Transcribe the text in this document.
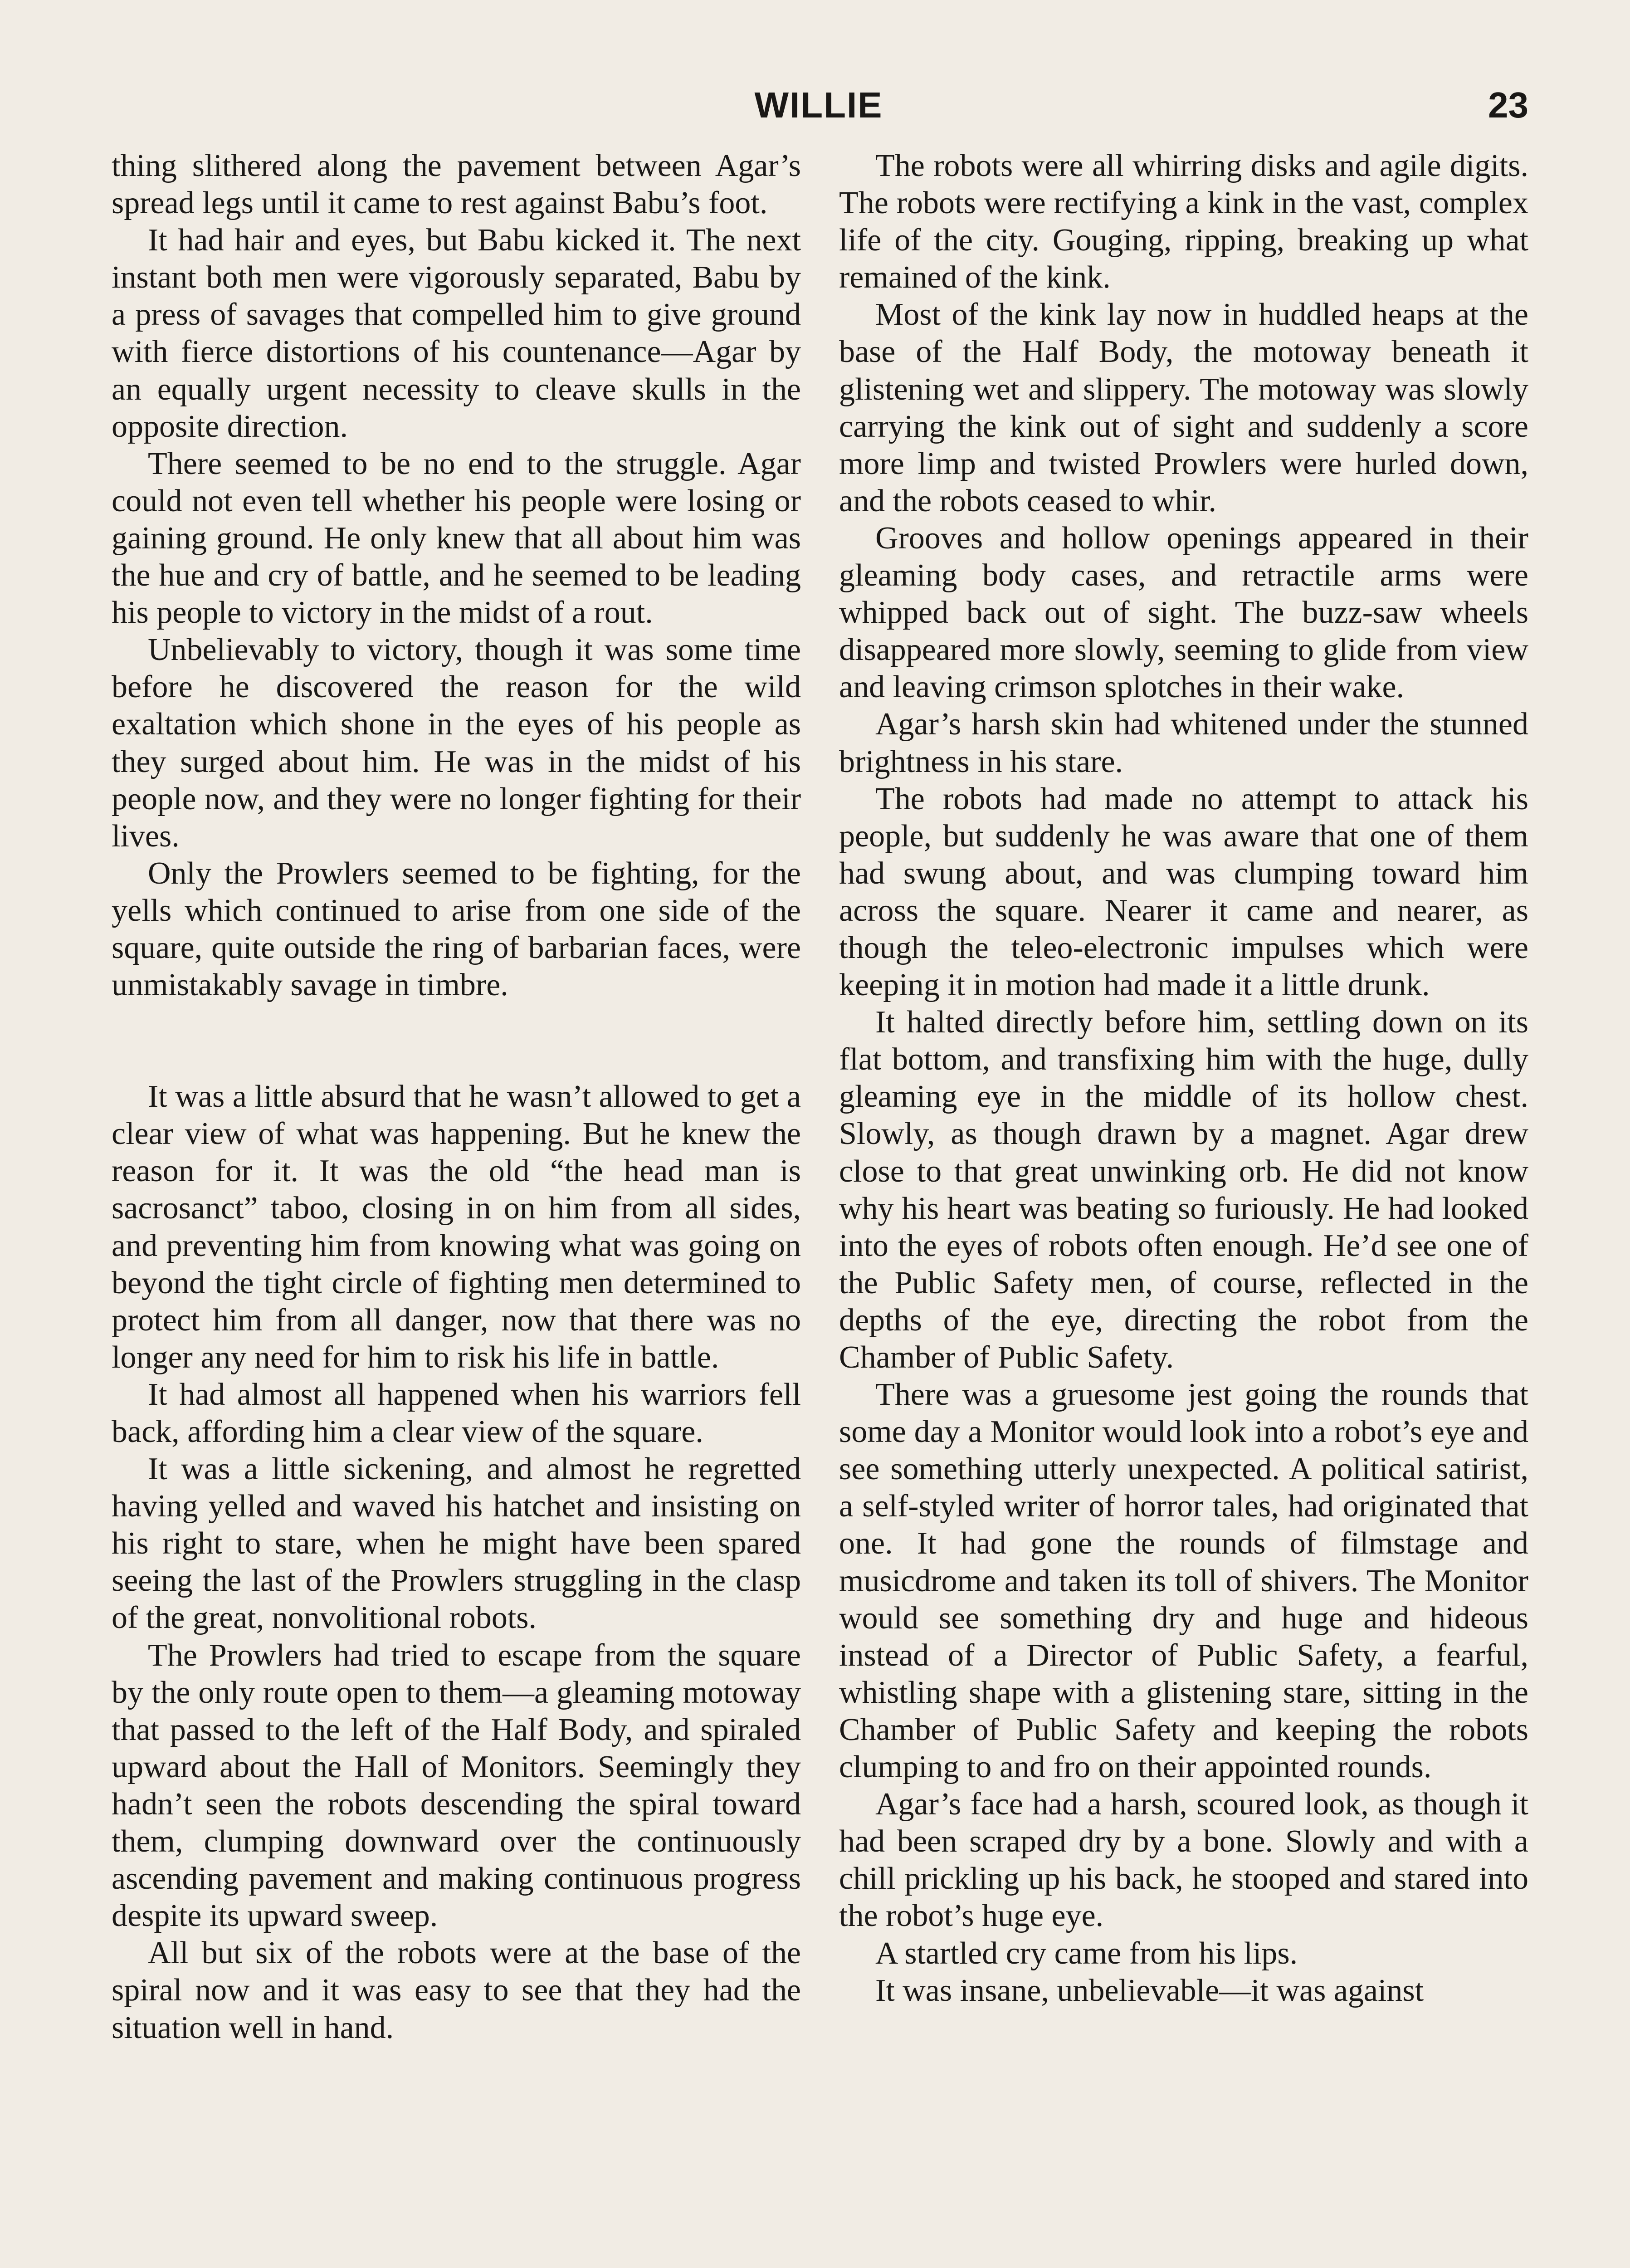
WILLIE	23

thing slithered along the pavement between Agar’s spread legs until it came to rest against Babu’s foot.

It had hair and eyes, but Babu kicked it. The next instant both men were vigorously separated, Babu by a press of savages that compelled him to give ground with fierce distortions of his countenance—Agar by an equally urgent necessity to cleave skulls in the opposite direction.

There seemed to be no end to the struggle. Agar could not even tell whether his people were losing or gaining ground. He only knew that all about him was the hue and cry of battle, and he seemed to be leading his people to victory in the midst of a rout.

Unbelievably to victory, though it was some time before he discovered the reason for the wild exaltation which shone in the eyes of his people as they surged about him. He was in the midst of his people now, and they were no longer fighting for their lives.

Only the Prowlers seemed to be fighting, for the yells which continued to arise from one side of the square, quite outside the ring of barbarian faces, were unmistakably savage in timbre.

It was a little absurd that he wasn’t allowed to get a clear view of what was happening. But he knew the reason for it. It was the old “the head man is sacrosanct” taboo, closing in on him from all sides, and preventing him from knowing what was going on beyond the tight circle of fighting men determined to protect him from all danger, now that there was no longer any need for him to risk his life in battle.

It had almost all happened when his warriors fell back, affording him a clear view of the square.

It was a little sickening, and almost he regretted having yelled and waved his hatchet and insisting on his right to stare, when he might have been spared seeing the last of the Prowlers struggling in the clasp of the great, nonvolitional robots.

The Prowlers had tried to escape from the square by the only route open to them—a gleaming motoway that passed to the left of the Half Body, and spiraled upward about the Hall of Monitors. Seemingly they hadn’t seen the robots descending the spiral toward them, clumping downward over the continuously ascending pavement and making continuous progress despite its upward sweep.

All but six of the robots were at the base of the spiral now and it was easy to see that they had the situation well in hand.

The robots were all whirring disks and agile digits. The robots were rectifying a kink in the vast, complex life of the city. Gouging, ripping, breaking up what remained of the kink.

Most of the kink lay now in huddled heaps at the base of the Half Body, the motoway beneath it glistening wet and slippery. The motoway was slowly carrying the kink out of sight and suddenly a score more limp and twisted Prowlers were hurled down, and the robots ceased to whir.

Grooves and hollow openings appeared in their gleaming body cases, and retractile arms were whipped back out of sight. The buzz-saw wheels disappeared more slowly, seeming to glide from view and leaving crimson splotches in their wake.

Agar’s harsh skin had whitened under the stunned brightness in his stare.

The robots had made no attempt to attack his people, but suddenly he was aware that one of them had swung about, and was clumping toward him across the square. Nearer it came and nearer, as though the teleo-electronic impulses which were keeping it in motion had made it a little drunk.

It halted directly before him, settling down on its flat bottom, and transfixing him with the huge, dully gleaming eye in the middle of its hollow chest. Slowly, as though drawn by a magnet. Agar drew close to that great unwinking orb. He did not know why his heart was beating so furiously. He had looked into the eyes of robots often enough. He’d see one of the Public Safety men, of course, reflected in the depths of the eye, directing the robot from the Chamber of Public Safety.

There was a gruesome jest going the rounds that some day a Monitor would look into a robot’s eye and see something utterly unexpected. A political satirist, a self-styled writer of horror tales, had originated that one. It had gone the rounds of filmstage and musicdrome and taken its toll of shivers. The Monitor would see something dry and huge and hideous instead of a Director of Public Safety, a fearful, whistling shape with a glistening stare, sitting in the Chamber of Public Safety and keeping the robots clumping to and fro on their appointed rounds.

Agar’s face had a harsh, scoured look, as though it had been scraped dry by a bone. Slowly and with a chill prickling up his back, he stooped and stared into the robot’s huge eye.

A startled cry came from his lips.

It was insane, unbelievable—it was against
